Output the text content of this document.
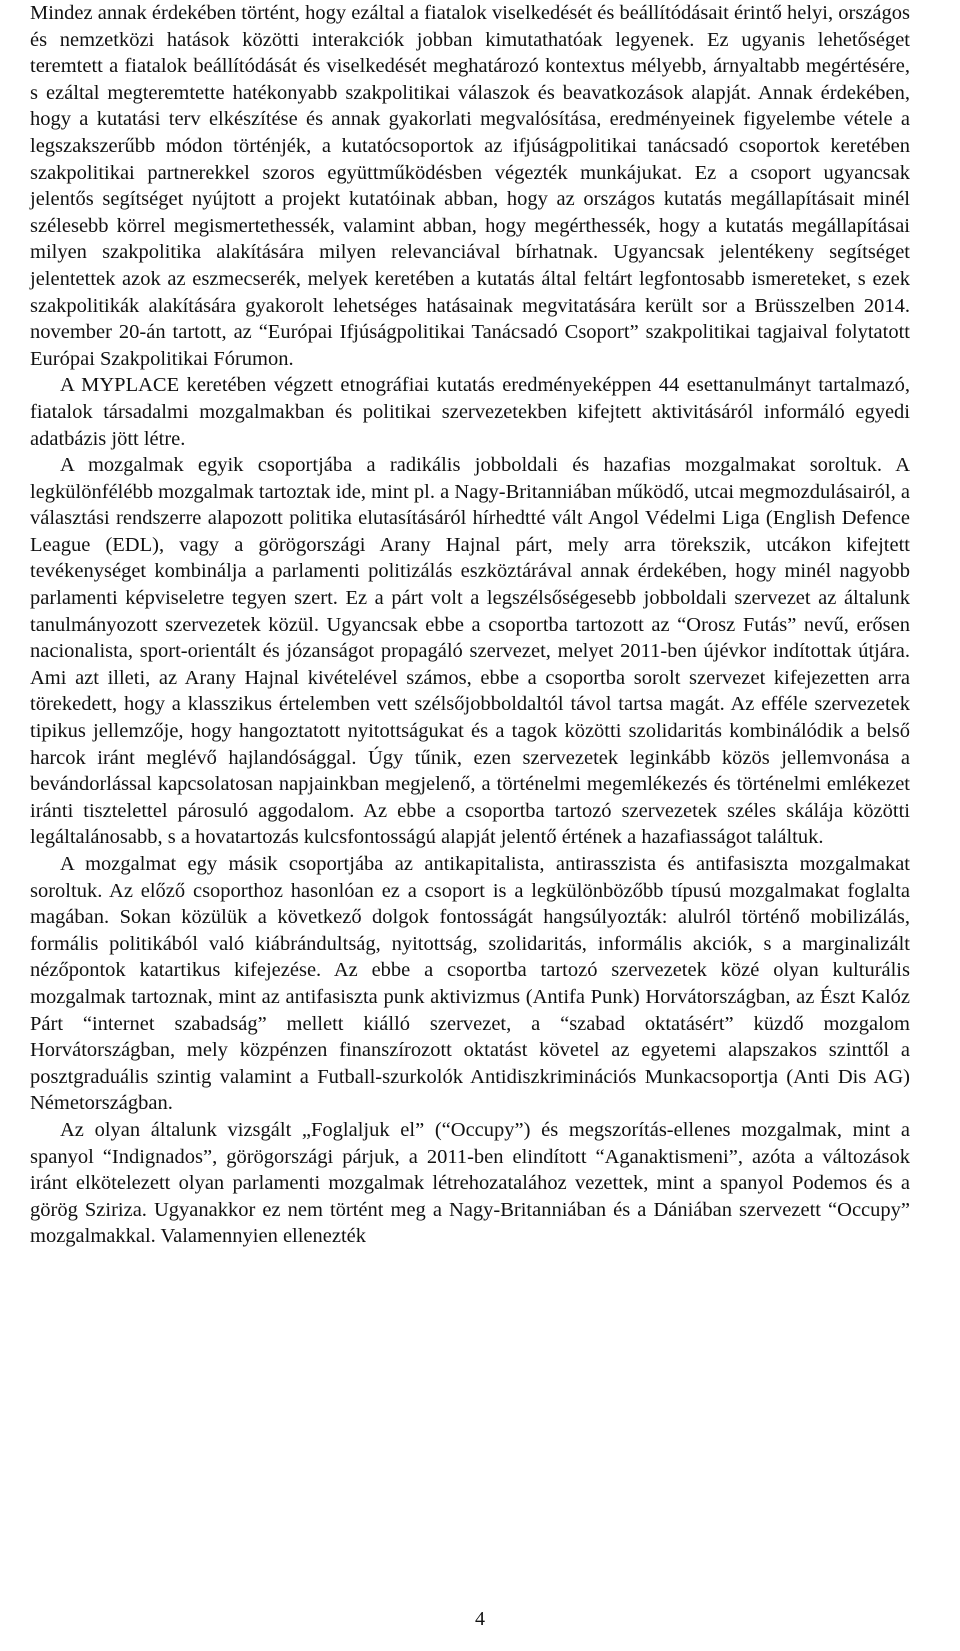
Mindez annak érdekében történt, hogy ezáltal a fiatalok viselkedését és beállítódásait érintő helyi, országos és nemzetközi hatások közötti interakciók jobban kimutathatóak legyenek. Ez ugyanis lehetőséget teremtett a fiatalok beállítódását és viselkedését meghatározó kontextus mélyebb, árnyaltabb megértésére, s ezáltal megteremtette hatékonyabb szakpolitikai válaszok és beavatkozások alapját. Annak érdekében, hogy a kutatási terv elkészítése és annak gyakorlati megvalósítása, eredményeinek figyelembe vétele a legszakszerűbb módon történjék, a kutatócsoportok az ifjúságpolitikai tanácsadó csoportok keretében szakpolitikai partnerekkel szoros együttműködésben végezték munkájukat. Ez a csoport ugyancsak jelentős segítséget nyújtott a projekt kutatóinak abban, hogy az országos kutatás megállapításait minél szélesebb körrel megismertethessék, valamint abban, hogy megérthessék, hogy a kutatás megállapításai milyen szakpolitika alakítására milyen relevanciával bírhatnak. Ugyancsak jelentékeny segítséget jelentettek azok az eszmecserék, melyek keretében a kutatás által feltárt legfontosabb ismereteket, s ezek szakpolitikák alakítására gyakorolt lehetséges hatásainak megvitatására került sor a Brüsszelben 2014. november 20-án tartott, az “Európai Ifjúságpolitikai Tanácsadó Csoport” szakpolitikai tagjaival folytatott Európai Szakpolitikai Fórumon.

A MYPLACE keretében végzett etnográfiai kutatás eredményeképpen 44 esettanulmányt tartalmazó, fiatalok társadalmi mozgalmakban és politikai szervezetekben kifejtett aktivitásáról informáló egyedi adatbázis jött létre.

A mozgalmak egyik csoportjába a radikális jobboldali és hazafias mozgalmakat soroltuk. A legkülönfélébb mozgalmak tartoztak ide, mint pl. a Nagy-Britanniában működő, utcai megmozdulásairól, a választási rendszerre alapozott politika elutasításáról hírhedtté vált Angol Védelmi Liga (English Defence League (EDL), vagy a görögországi Arany Hajnal párt, mely arra törekszik, utcákon kifejtett tevékenységet kombinálja a parlamenti politizálás eszköztárával annak érdekében, hogy minél nagyobb parlamenti képviseletre tegyen szert. Ez a párt volt a legszélsőségesebb jobboldali szervezet az általunk tanulmányozott szervezetek közül. Ugyancsak ebbe a csoportba tartozott az “Orosz Futás” nevű, erősen nacionalista, sport-orientált és józanságot propagáló szervezet, melyet 2011-ben újévkor indítottak útjára. Ami azt illeti, az Arany Hajnal kivételével számos, ebbe a csoportba sorolt szervezet kifejezetten arra törekedett, hogy a klasszikus értelemben vett szélsőjobboldaltól távol tartsa magát. Az efféle szervezetek tipikus jellemzője, hogy hangoztatott nyitottságukat és a tagok közötti szolidaritás kombinálódik a belső harcok iránt meglévő hajlandósággal. Úgy tűnik, ezen szervezetek leginkább közös jellemvonása a bevándorlással kapcsolatosan napjainkban megjelenő, a történelmi megemlékezés és történelmi emlékezet iránti tisztelettel párosuló aggodalom. Az ebbe a csoportba tartozó szervezetek széles skálája közötti legáltalánosabb, s a hovatartozás kulcsfontosságú alapját jelentő értének a hazafiasságot találtuk.

A mozgalmat egy másik csoportjába az antikapitalista, antirasszista és antifasiszta mozgalmakat soroltuk. Az előző csoporthoz hasonlóan ez a csoport is a legkülönbözőbb típusú mozgalmakat foglalta magában. Sokan közülük a következő dolgok fontosságát hangsúlyozták: alulról történő mobilizálás, formális politikából való kiábrándultság, nyitottság, szolidaritás, informális akciók, s a marginalizált nézőpontok katartikus kifejezése. Az ebbe a csoportba tartozó szervezetek közé olyan kulturális mozgalmak tartoznak, mint az antifasiszta punk aktivizmus (Antifa Punk) Horvátországban, az Észt Kalóz Párt “internet szabadság” mellett kiálló szervezet, a “szabad oktatásért” küzdő mozgalom Horvátországban, mely közpénzen finanszírozott oktatást követel az egyetemi alapszakos szinttől a posztgraduális szintig valamint a Futball-szurkolók Antidiszkriminációs Munkacsoportja (Anti Dis AG) Németországban.

Az olyan általunk vizsgált „Foglaljuk el” (“Occupy”) és megszorítás-ellenes mozgalmak, mint a spanyol “Indignados”, görögországi párjuk, a 2011-ben elindított “Aganaktismeni”, azóta a változások iránt elkötelezett olyan parlamenti mozgalmak létrehozatalához vezettek, mint a spanyol Podemos és a görög Sziriza. Ugyanakkor ez nem történt meg a Nagy-Britanniában és a Dániában szervezett “Occupy” mozgalmakkal. Valamennyien ellenezték

4
